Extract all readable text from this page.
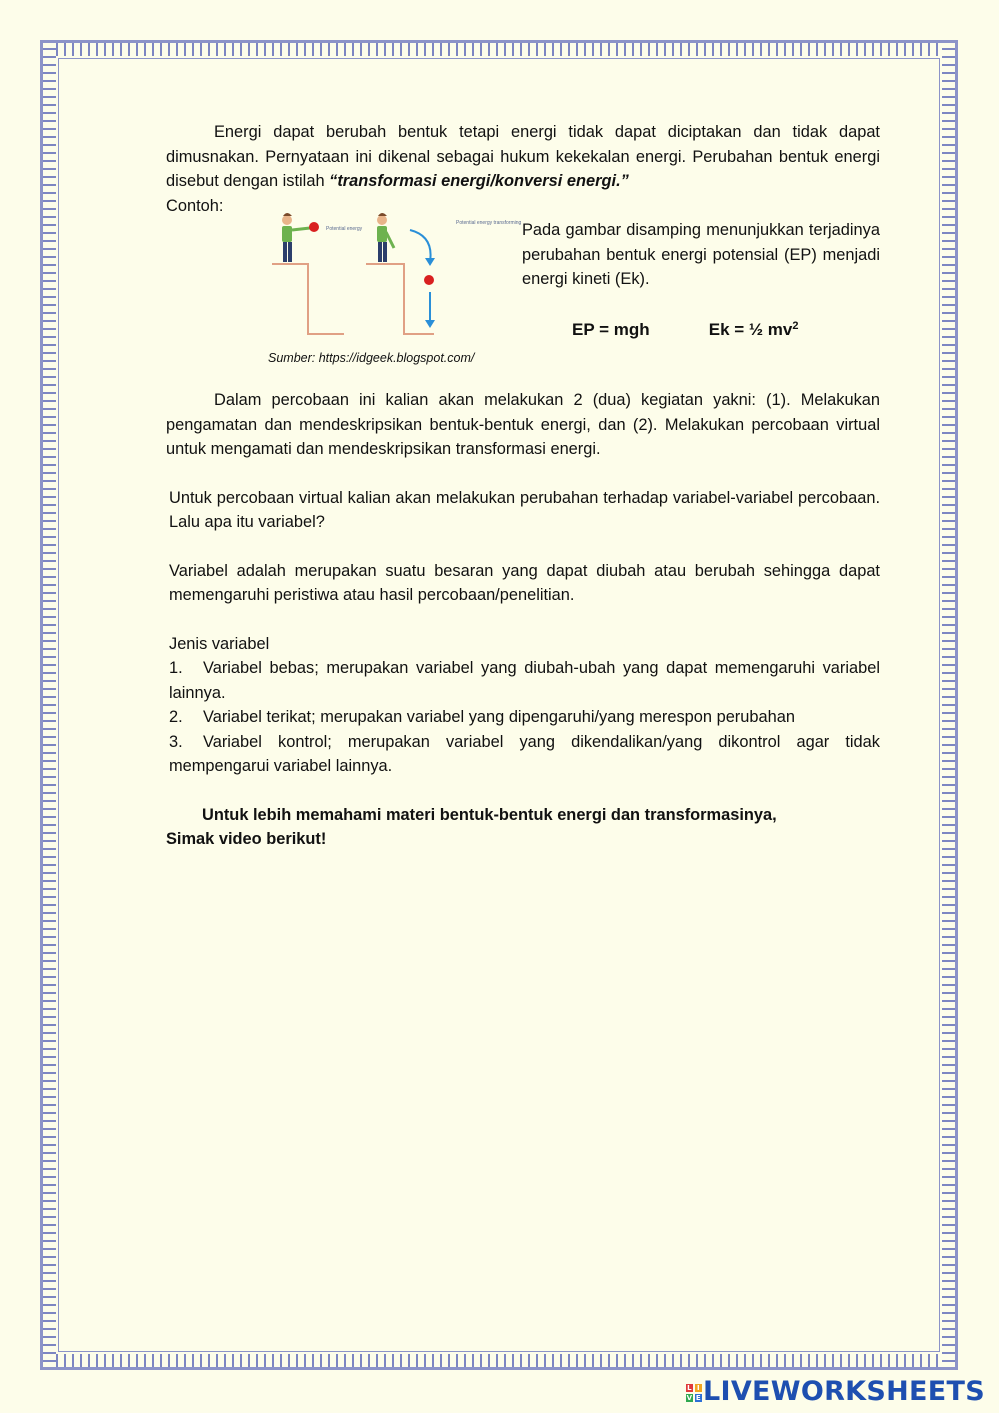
Energi dapat berubah bentuk tetapi energi tidak dapat diciptakan dan tidak dapat dimusnakan. Pernyataan ini dikenal sebagai hukum kekekalan energi. Perubahan bentuk energi disebut dengan istilah “transformasi energi/konversi energi.”

Contoh:
Potential energy
Potential energy transforming
Sumber: https://idgeek.blogspot.com/

Pada gambar disamping menunjukkan terjadinya perubahan bentuk energi potensial (EP) menjadi energi kineti (Ek).

EP = mgh	Ek = ½ $mv^2$

Dalam percobaan ini kalian akan melakukan 2 (dua) kegiatan yakni: (1). Melakukan pengamatan dan mendeskripsikan bentuk-bentuk energi, dan (2). Melakukan percobaan virtual untuk mengamati dan mendeskripsikan transformasi energi.

Untuk percobaan virtual kalian akan melakukan perubahan terhadap variabel-variabel percobaan. Lalu apa itu variabel?

Variabel adalah merupakan suatu besaran yang dapat diubah atau berubah sehingga dapat memengaruhi peristiwa atau hasil percobaan/penelitian.

Jenis variabel

1. Variabel bebas; merupakan variabel yang diubah-ubah yang dapat memengaruhi variabel lainnya.

2. Variabel terikat; merupakan variabel yang dipengaruhi/yang merespon perubahan

3. Variabel kontrol; merupakan variabel yang dikendalikan/yang dikontrol agar tidak mempengarui variabel lainnya.

Untuk lebih memahami materi bentuk-bentuk energi dan transformasinya,

Simak video berikut!

L I
V E LIVEWORKSHEETS
